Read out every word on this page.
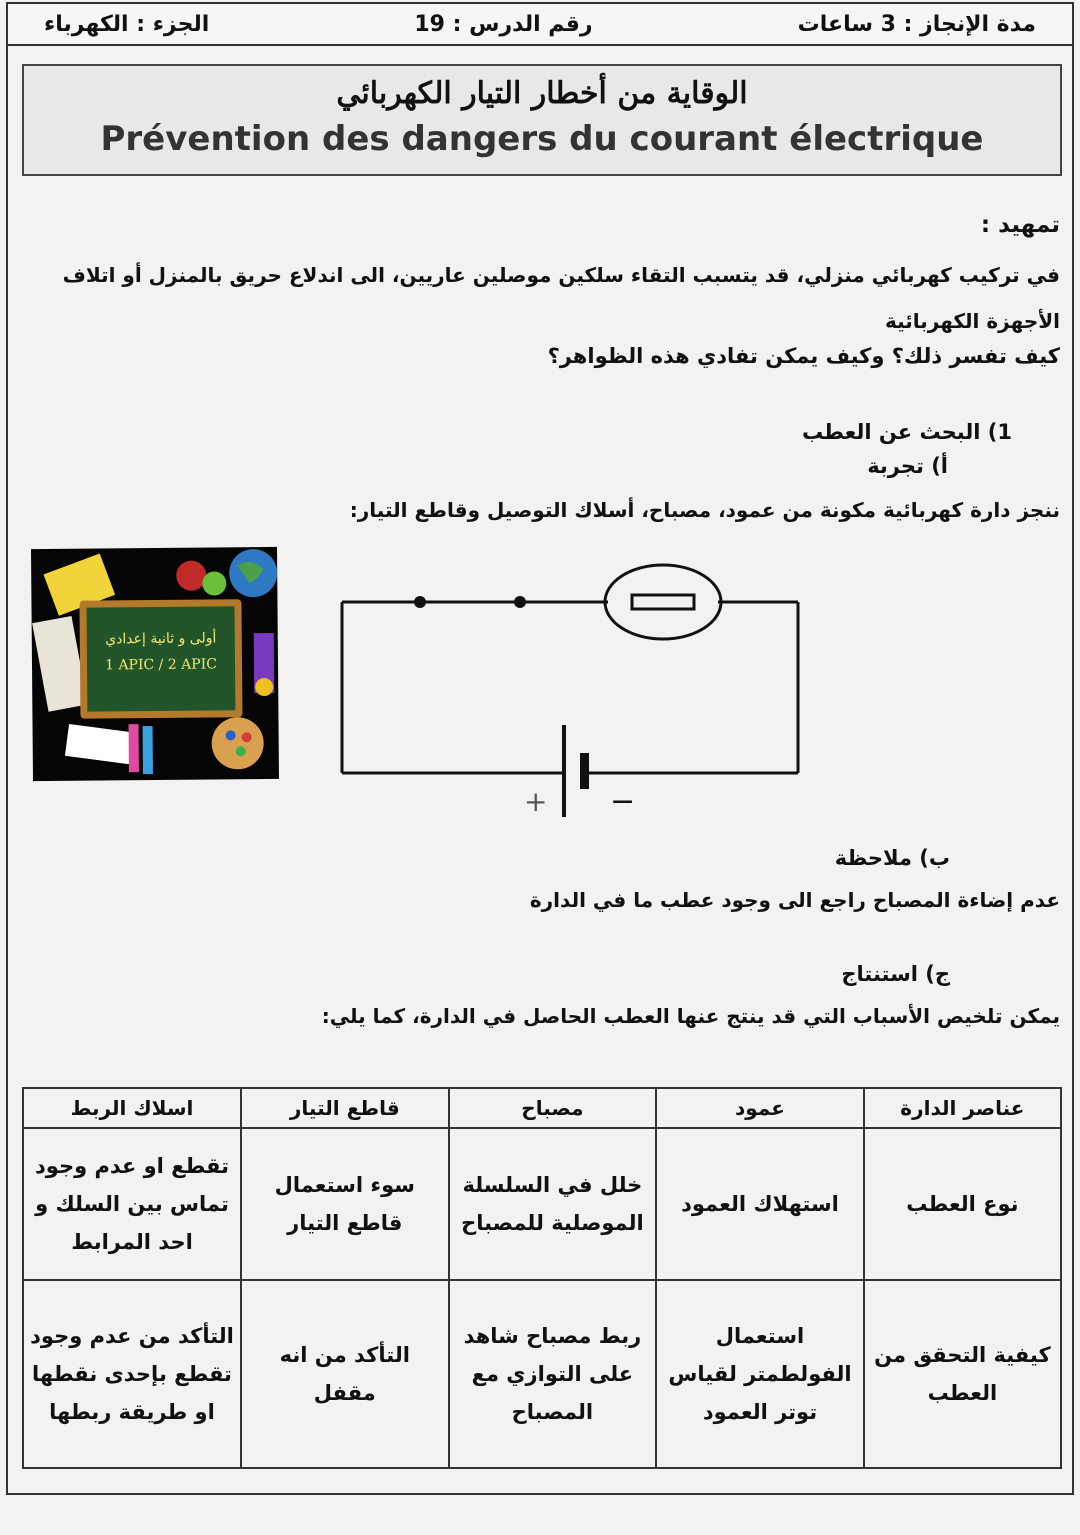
الجزء : الكهرباء	رقم الدرس : 19	مدة الإنجاز : 3 ساعات
الوقاية من أخطار التيار الكهربائي
Prévention des dangers du courant électrique
تمهيد :
في تركيب كهربائي منزلي، قد يتسبب التقاء سلكين موصلين عاريين، الى اندلاع حريق بالمنزل أو اتلاف الأجهزة الكهربائية
كيف تفسر ذلك؟ وكيف يمكن تفادي هذه الظواهر؟
1) البحث عن العطب
أ) تجربة
ننجز دارة كهربائية مكونة من عمود، مصباح، أسلاك التوصيل وقاطع التيار:
أولى و ثانية إعدادي
1 APIC / 2 APIC
+ −
ب) ملاحظة
عدم إضاءة المصباح راجع الى وجود عطب ما في الدارة
ج) استنتاج
يمكن تلخيص الأسباب التي قد ينتج عنها العطب الحاصل في الدارة، كما يلي:
عناصر الدارة	عمود	مصباح	قاطع التيار	اسلاك الربط
نوع العطب	استهلاك العمود	خلل في السلسلة الموصلية للمصباح	سوء استعمال قاطع التيار	تقطع او عدم وجود تماس بين السلك و احد المرابط
كيفية التحقق من العطب	استعمال الفولطمتر لقياس توتر العمود	ربط مصباح شاهد على التوازي مع المصباح	التأكد من انه مقفل	التأكد من عدم وجود تقطع بإحدى نقطها او طريقة ربطها
